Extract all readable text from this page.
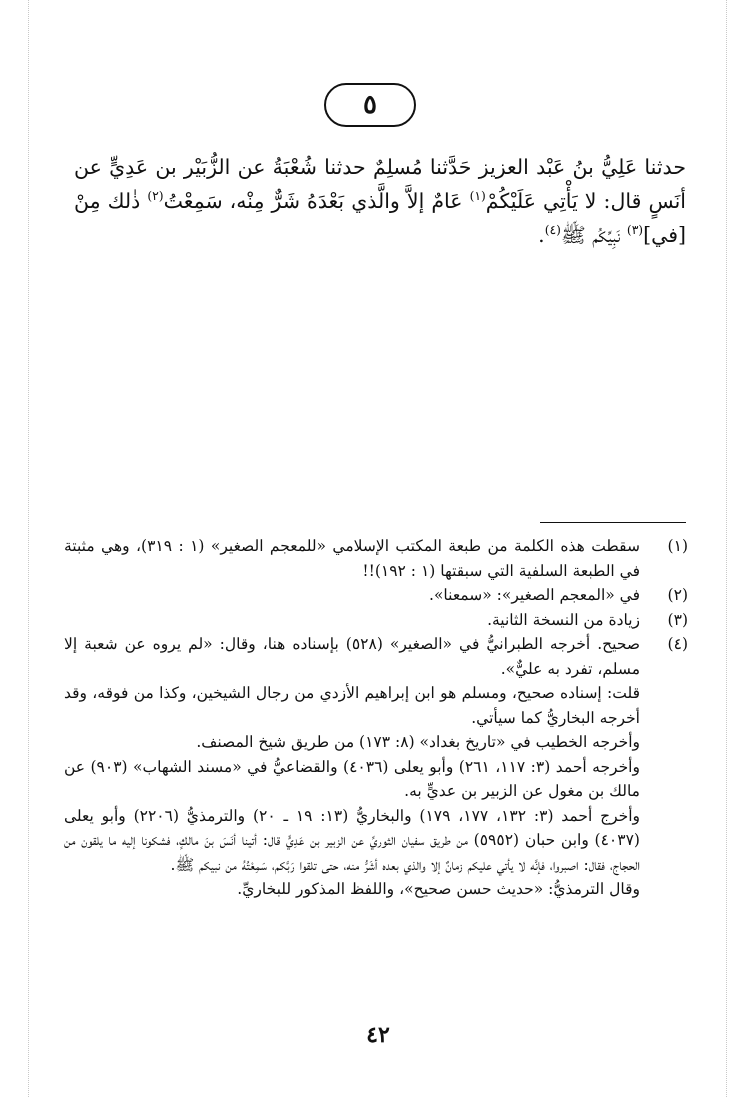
٥
حدثنا عَلِيُّ بنُ عَبْد العزيز حَدَّثنا مُسلِمٌ حدثنا شُعْبَةُ عن الزُّبَيْر بن عَدِيٍّ عن أنَسٍ قال: لا يَأْتِي عَلَيْكُمْ$^{(١)}$ عَامٌ إلاَّ والَّذي بَعْدَهُ شَرٌّ مِنْه، سَمِعْتُ$^{(٢)}$ ذٰلك مِنْ [في]$^{(٣)}$ نَبِيِّكُم ﷺ$^{(٤)}$.
(١)
سقطت هذه الكلمة من طبعة المكتب الإسلامي «للمعجم الصغير» (١ : ٣١٩)، وهي مثبتة في الطبعة السلفية التي سبقتها (١ : ١٩٢)!!
(٢)
في «المعجم الصغير»: «سمعنا».
(٣)
زيادة من النسخة الثانية.
(٤)
صحيح. أخرجه الطبرانيُّ في «الصغير» (٥٢٨) بإسناده هنا، وقال: «لم يروه عن شعبة إلا مسلم، تفرد به عليٌّ».
قلت: إسناده صحيح، ومسلم هو ابن إبراهيم الأزدي من رجال الشيخين، وكذا من فوقه، وقد أخرجه البخاريُّ كما سيأتي.
وأخرجه الخطيب في «تاريخ بغداد» (٨: ١٧٣) من طريق شيخ المصنف.
وأخرجه أحمد (٣: ١١٧، ٢٦١) وأبو يعلى (٤٠٣٦) والقضاعيُّ في «مسند الشهاب» (٩٠٣) عن مالك بن مغول عن الزبير بن عديٍّ به.
وأخرج أحمد (٣: ١٣٢، ١٧٧، ١٧٩) والبخاريُّ (١٣: ١٩ ـ ٢٠) والترمذيُّ (٢٢٠٦) وأبو يعلى (٤٠٣٧) وابن حبان (٥٩٥٢) من طريق سفيان الثوريِّ عن الزبير بن عَدِيٍّ قال: أتينا أنَسَ بنَ مالكٍ، فشكونا إليه ما يلقون من الحجاج، فقال: اصبروا، فإنَّه لا يأتي عليكم زمانٌ إلا والذي بعده أشَرُّ منه، حتى تلقوا رَبَّكم، سَمِعْتُهُ من نبيكم ﷺ.
وقال الترمذيُّ: «حديث حسن صحيح»، واللفظ المذكور للبخاريِّ.
٤٢
